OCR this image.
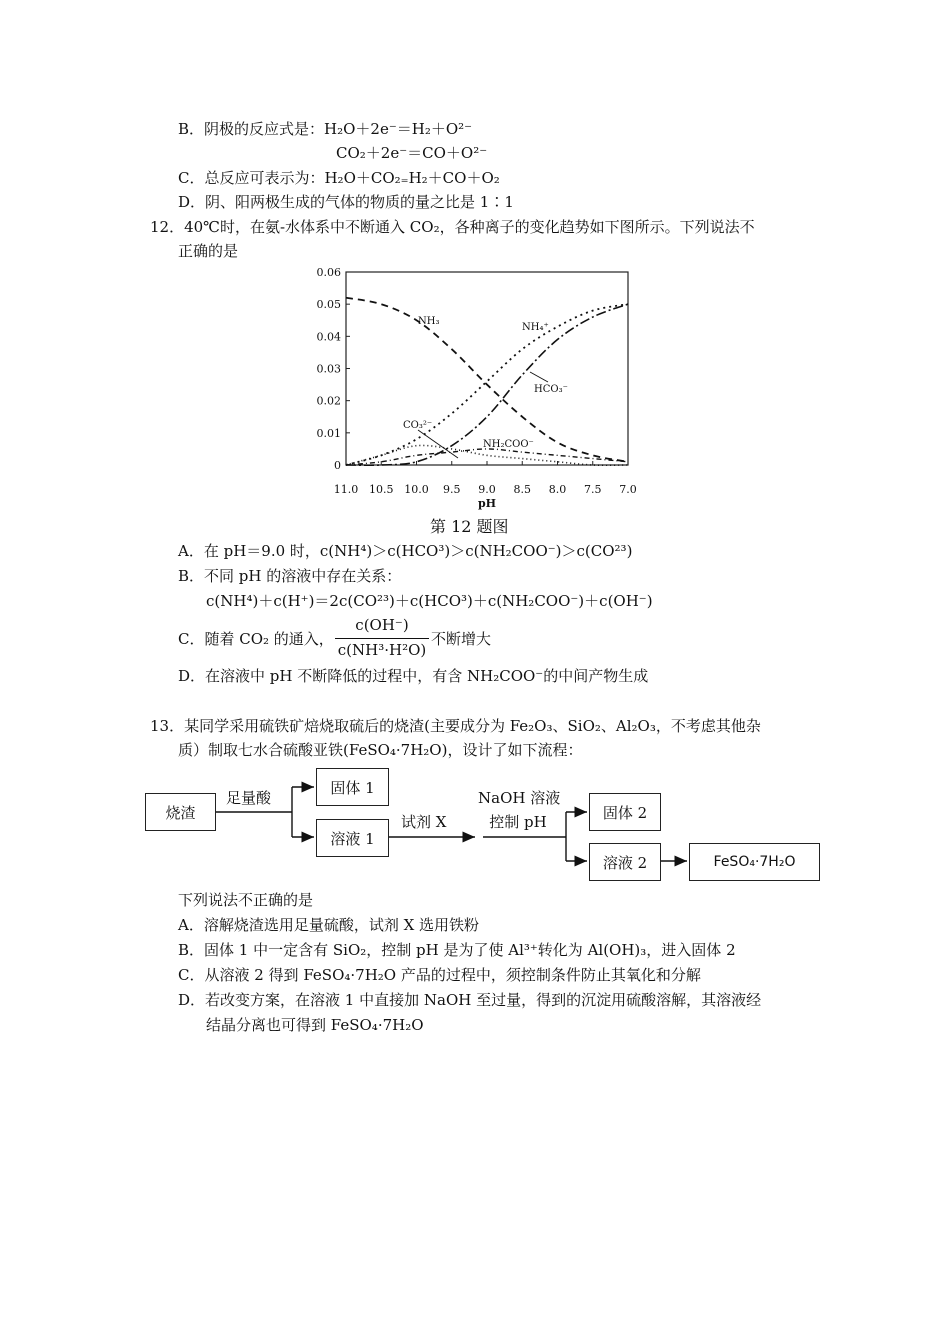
B．阴极的反应式是：H₂O＋2e⁻＝H₂＋O²⁻
CO₂＋2e⁻＝CO＋O²⁻
C．总反应可表示为：H₂O＋CO₂₌H₂＋CO＋O₂
D．阴、阳两极生成的气体的物质的量之比是 1∶1
12．40℃时，在氨-水体系中不断通入 CO₂，各种离子的变化趋势如下图所示。下列说法不
正确的是
11.0 10.5 10.0 9.5 9.0 8.5 8.0 7.5 7.0
0
0.01
0.02
0.03
0.04
0.05
0.06
pH
NH₃
NH₄⁺
HCO₃⁻
CO₃²⁻
NH₂COO⁻
第 12 题图
A．在 pH＝9.0 时，c(NH⁴)＞c(HCO³)＞c(NH₂COO⁻)＞c(CO²³)
B．不同 pH 的溶液中存在关系：
c(NH⁴)＋c(H⁺)＝2c(CO²³)＋c(HCO³)＋c(NH₂COO⁻)＋c(OH⁻)
C．随着 CO₂ 的通入，
c(OH⁻)
c(NH³·H²O)
不断增大
D．在溶液中 pH 不断降低的过程中，有含 NH₂COO⁻的中间产物生成
13．某同学采用硫铁矿焙烧取硫后的烧渣(主要成分为 Fe₂O₃、SiO₂、Al₂O₃，不考虑其他杂
质）制取七水合硫酸亚铁(FeSO₄·7H₂O)，设计了如下流程：
烧渣
足量酸
固体 1
溶液 1
试剂 X
NaOH 溶液
控制 pH
固体 2
溶液 2	FeSO₄·7H₂O
下列说法不正确的是
A．溶解烧渣选用足量硫酸，试剂 X 选用铁粉
B．固体 1 中一定含有 SiO₂，控制 pH 是为了使 Al³⁺转化为 Al(OH)₃，进入固体 2
C．从溶液 2 得到 FeSO₄·7H₂O 产品的过程中，须控制条件防止其氧化和分解
D．若改变方案，在溶液 1 中直接加 NaOH 至过量，得到的沉淀用硫酸溶解，其溶液经
结晶分离也可得到 FeSO₄·7H₂O
